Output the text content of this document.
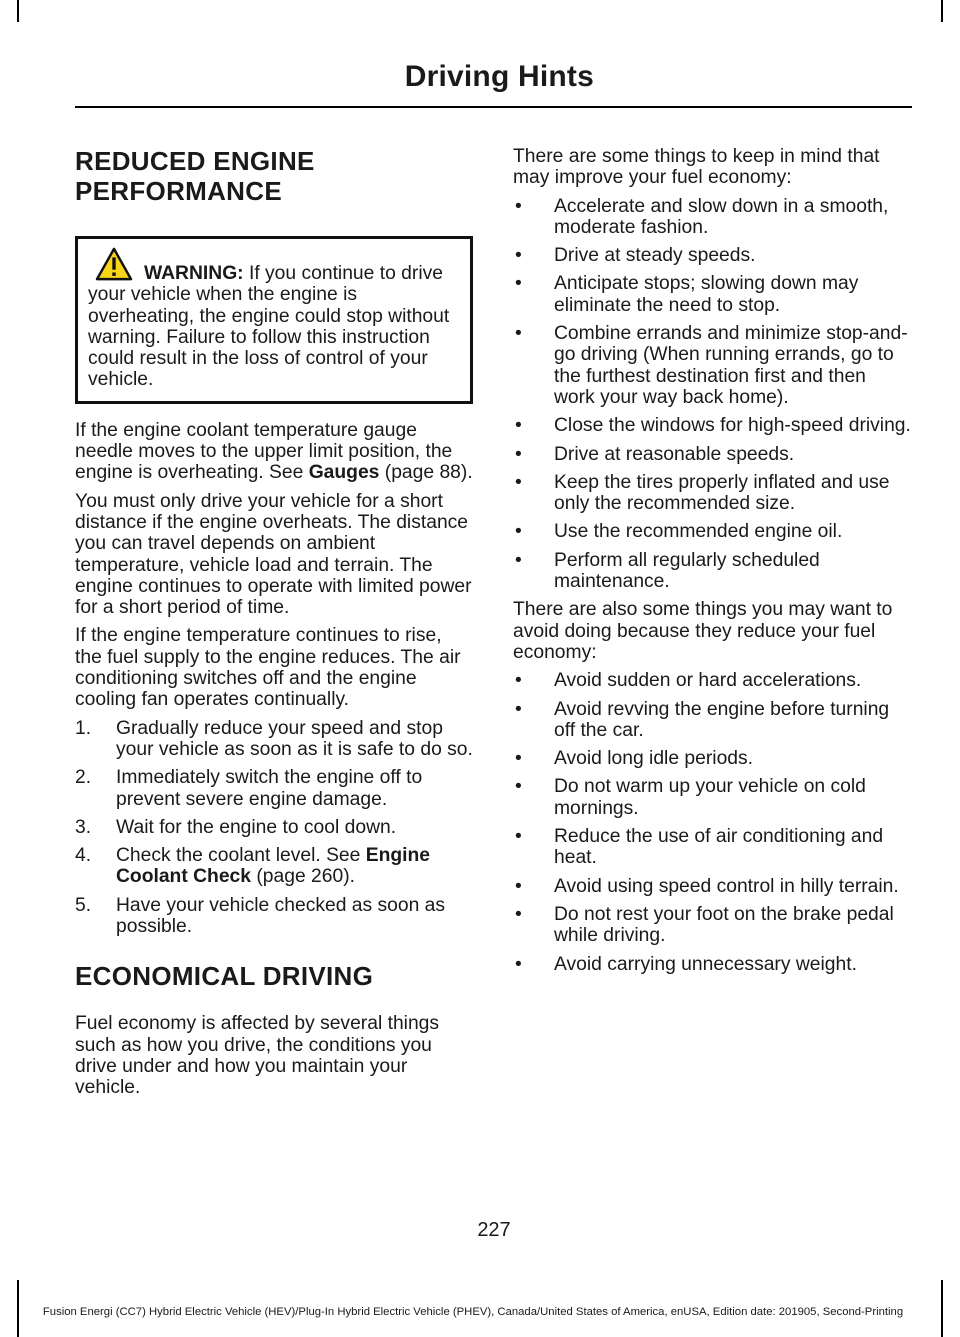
Driving Hints
REDUCED ENGINE
PERFORMANCE

WARNING: If you continue to drive your vehicle when the engine is overheating, the engine could stop without warning. Failure to follow this instruction could result in the loss of control of your vehicle.

If the engine coolant temperature gauge needle moves to the upper limit position, the engine is overheating. See Gauges (page 88).

You must only drive your vehicle for a short distance if the engine overheats. The distance you can travel depends on ambient temperature, vehicle load and terrain. The engine continues to operate with limited power for a short period of time.

If the engine temperature continues to rise, the fuel supply to the engine reduces. The air conditioning switches off and the engine cooling fan operates continually.

1. Gradually reduce your speed and stop your vehicle as soon as it is safe to do so.
2. Immediately switch the engine off to prevent severe engine damage.
3. Wait for the engine to cool down.
4. Check the coolant level. See Engine Coolant Check (page 260).
5. Have your vehicle checked as soon as possible.
ECONOMICAL DRIVING

Fuel economy is affected by several things such as how you drive, the conditions you drive under and how you maintain your vehicle.

There are some things to keep in mind that may improve your fuel economy:

• Accelerate and slow down in a smooth, moderate fashion.
• Drive at steady speeds.
• Anticipate stops; slowing down may eliminate the need to stop.
• Combine errands and minimize stop-and-go driving (When running errands, go to the furthest destination first and then work your way back home).
• Close the windows for high-speed driving.
• Drive at reasonable speeds.
• Keep the tires properly inflated and use only the recommended size.
• Use the recommended engine oil.
• Perform all regularly scheduled maintenance.

There are also some things you may want to avoid doing because they reduce your fuel economy:

• Avoid sudden or hard accelerations.
• Avoid revving the engine before turning off the car.
• Avoid long idle periods.
• Do not warm up your vehicle on cold mornings.
• Reduce the use of air conditioning and heat.
• Avoid using speed control in hilly terrain.
• Do not rest your foot on the brake pedal while driving.
• Avoid carrying unnecessary weight.
227
Fusion Energi (CC7) Hybrid Electric Vehicle (HEV)/Plug-In Hybrid Electric Vehicle (PHEV), Canada/United States of America, enUSA, Edition date: 201905, Second-Printing
